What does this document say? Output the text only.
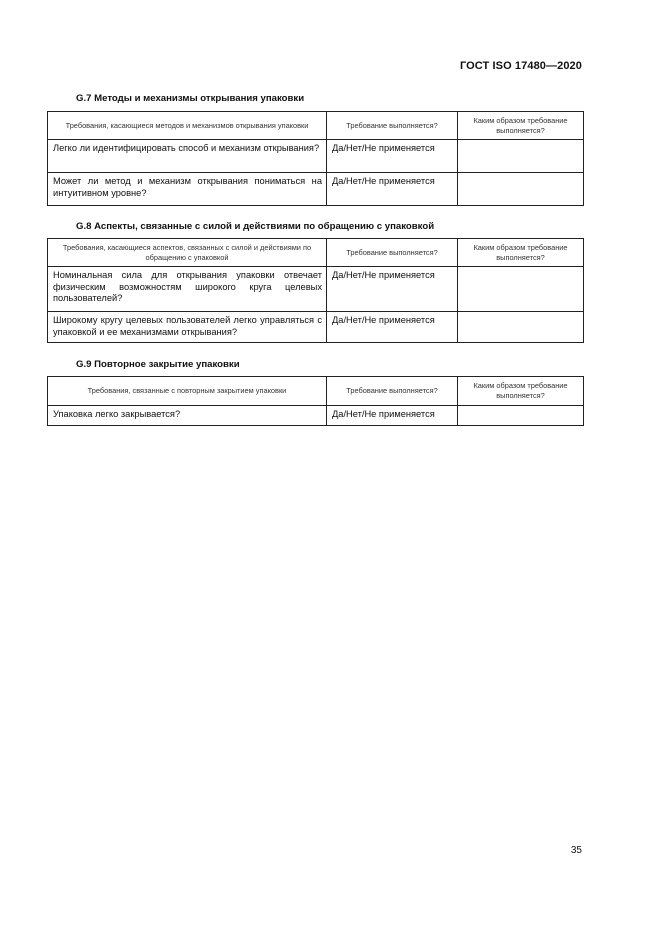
ГОСТ ISO 17480—2020
G.7 Методы и механизмы открывания упаковки
Требования, касающиеся методов и механизмов открывания упаковки	Требование выполняется?	Каким образом требование выполняется?
Легко ли идентифицировать способ и механизм открывания?	Да/Нет/Не применяется	
Может ли метод и механизм открывания пониматься на интуитивном уровне?	Да/Нет/Не применяется	
G.8 Аспекты, связанные с силой и действиями по обращению с упаковкой
Требования, касающиеся аспектов, связанных с силой и действиями по обращению с упаковкой	Требование выполняется?	Каким образом требование выполняется?
Номинальная сила для открывания упаковки отвечает физическим возможностям широкого круга целевых пользователей?	Да/Нет/Не применяется	
Широкому кругу целевых пользователей легко управляться с упаковкой и ее механизмами открывания?	Да/Нет/Не применяется	
G.9 Повторное закрытие упаковки
Требования, связанные с повторным закрытием упаковки	Требование выполняется?	Каким образом требование выполняется?
Упаковка легко закрывается?	Да/Нет/Не применяется	
35
